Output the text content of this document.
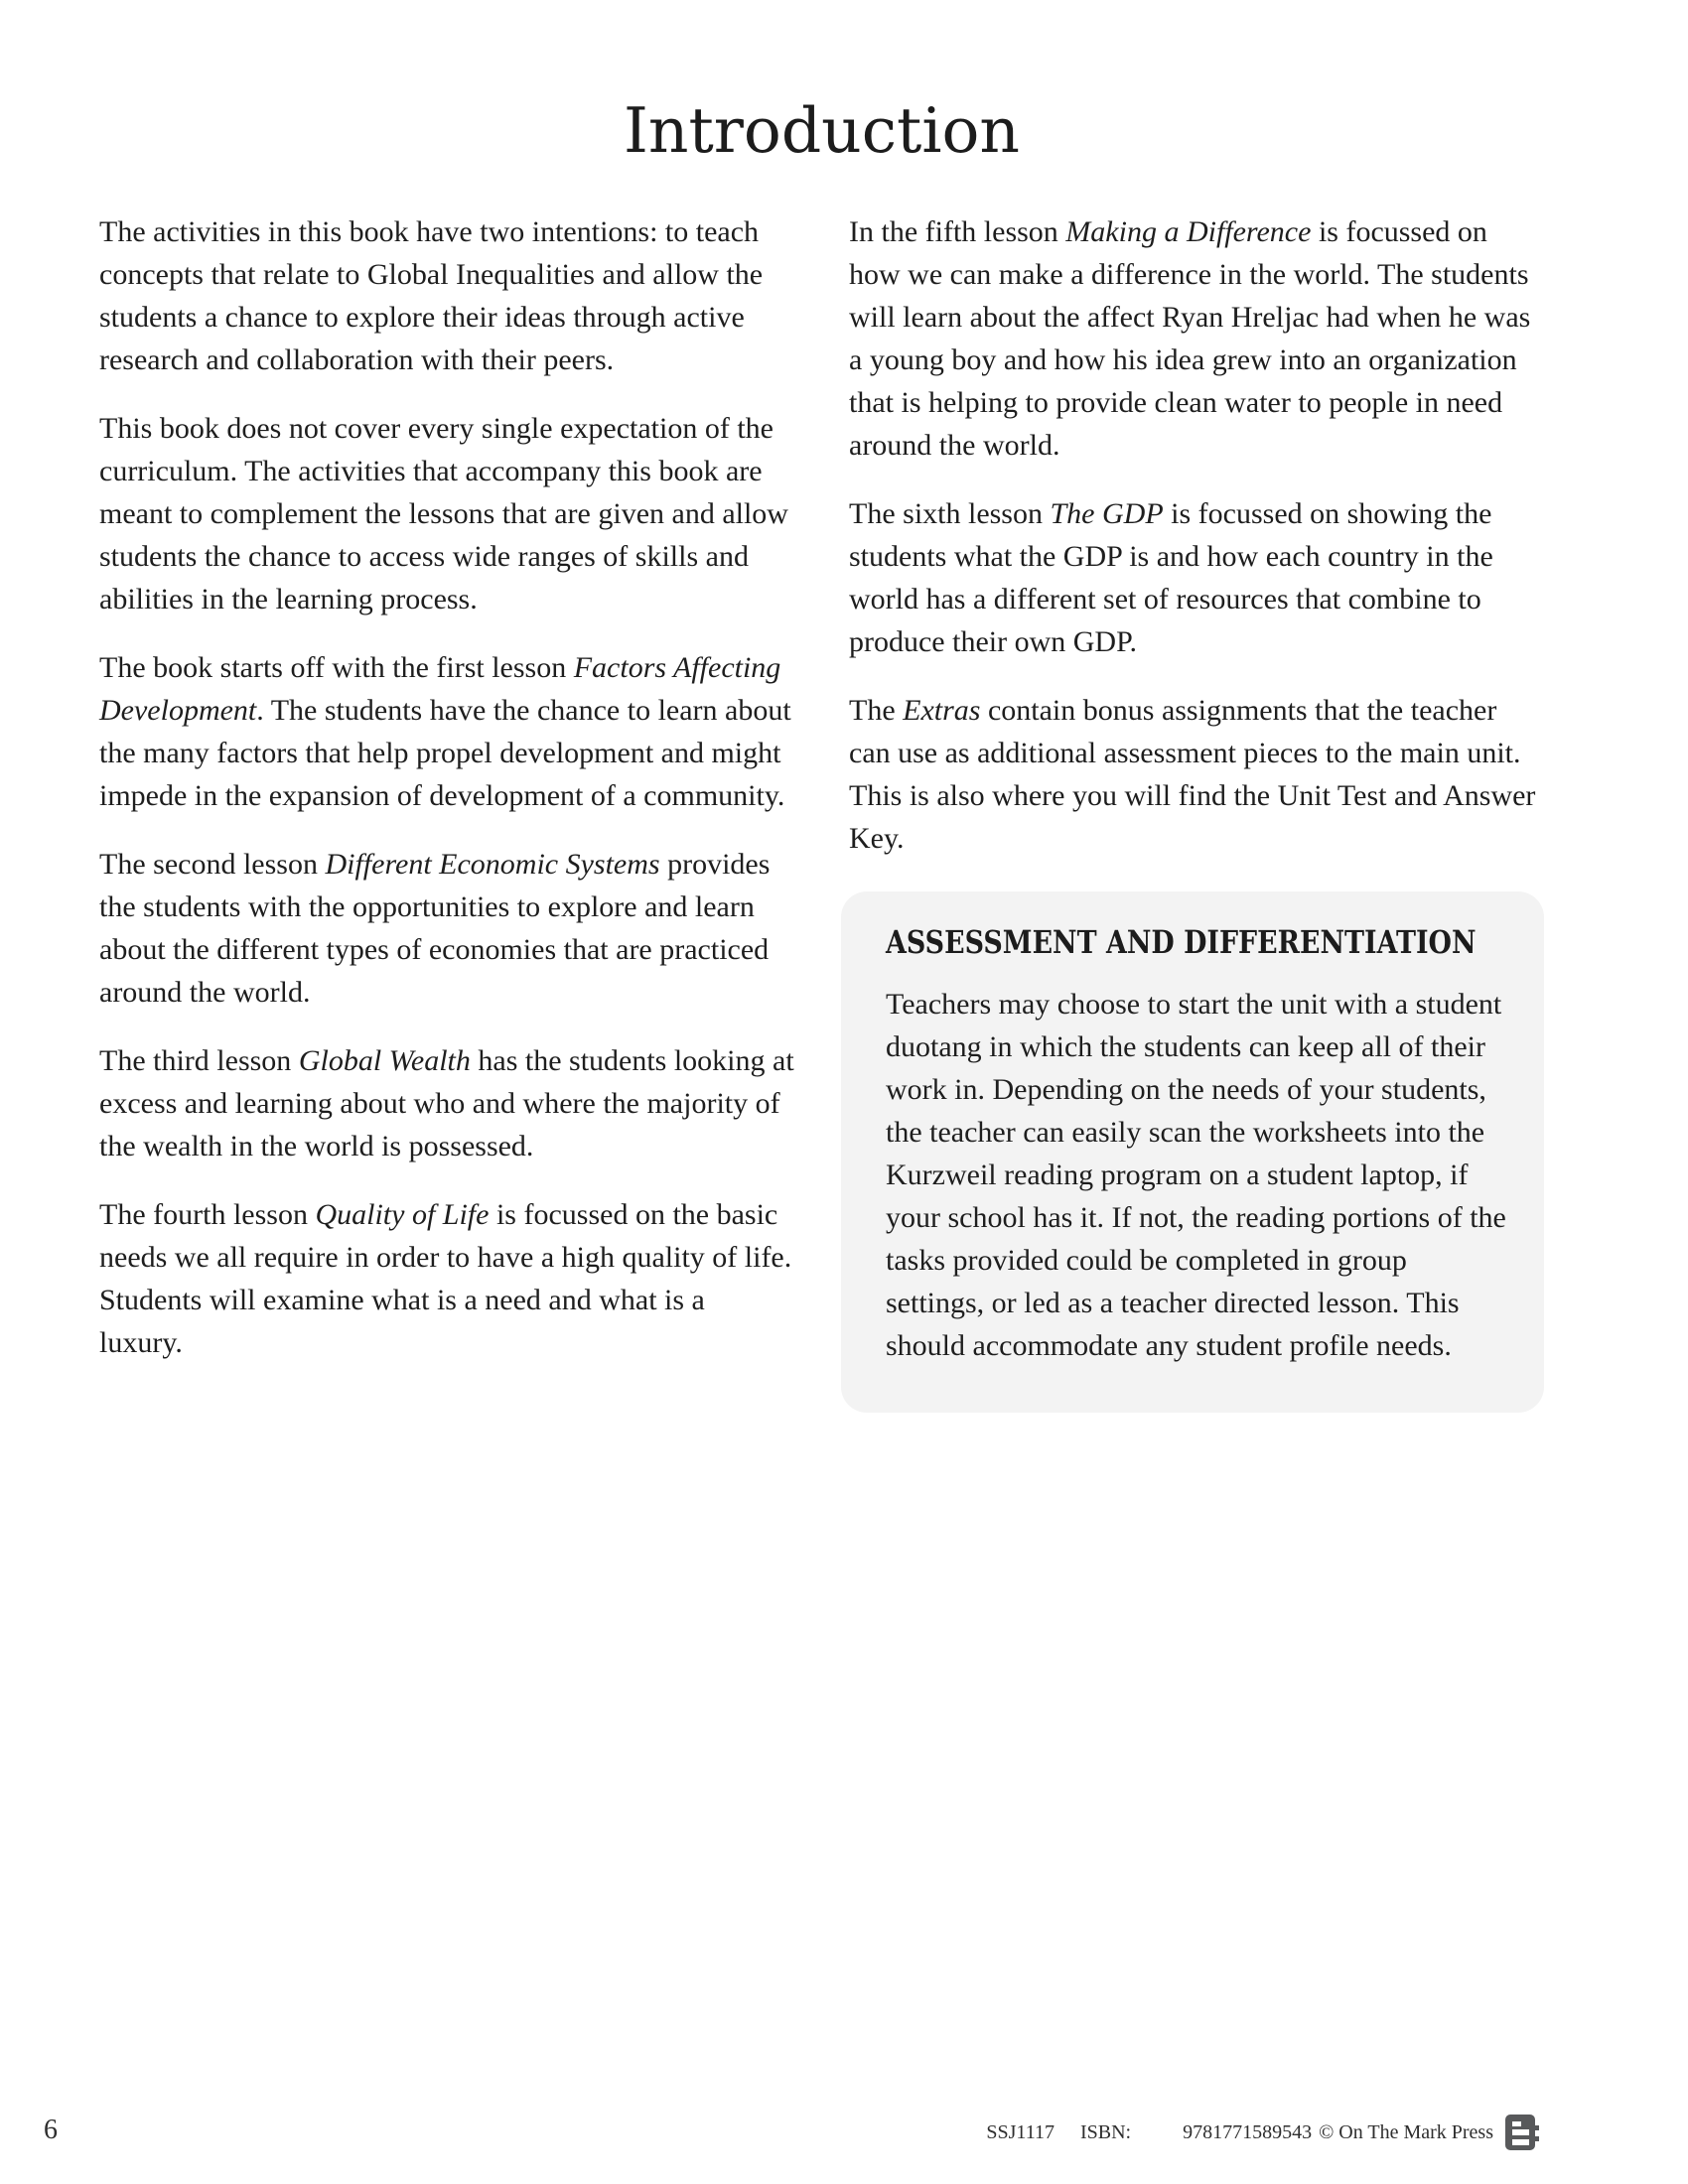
Introduction

The activities in this book have two intentions: to teach concepts that relate to Global Inequalities and allow the students a chance to explore their ideas through active research and collaboration with their peers.

This book does not cover every single expectation of the curriculum. The activities that accompany this book are meant to complement the lessons that are given and allow students the chance to access wide ranges of skills and abilities in the learning process.

The book starts off with the first lesson Factors Affecting Development. The students have the chance to learn about the many factors that help propel development and might impede in the expansion of development of a community.

The second lesson Different Economic Systems provides the students with the opportunities to explore and learn about the different types of economies that are practiced around the world.

The third lesson Global Wealth has the students looking at excess and learning about who and where the majority of the wealth in the world is possessed.

The fourth lesson Quality of Life is focussed on the basic needs we all require in order to have a high quality of life. Students will examine what is a need and what is a luxury.

In the fifth lesson Making a Difference is focussed on how we can make a difference in the world. The students will learn about the affect Ryan Hreljac had when he was a young boy and how his idea grew into an organization that is helping to provide clean water to people in need around the world.

The sixth lesson The GDP is focussed on showing the students what the GDP is and how each country in the world has a different set of resources that combine to produce their own GDP.

The Extras contain bonus assignments that the teacher can use as additional assessment pieces to the main unit. This is also where you will find the Unit Test and Answer Key.

ASSESSMENT AND DIFFERENTIATION

Teachers may choose to start the unit with a student duotang in which the students can keep all of their work in. Depending on the needs of your students, the teacher can easily scan the worksheets into the Kurzweil reading program on a student laptop, if your school has it. If not, the reading portions of the tasks provided could be completed in group settings, or led as a teacher directed lesson. This should accommodate any student profile needs.

6	SSJ1117 ISBN:	9781771589543 © On The Mark Press
